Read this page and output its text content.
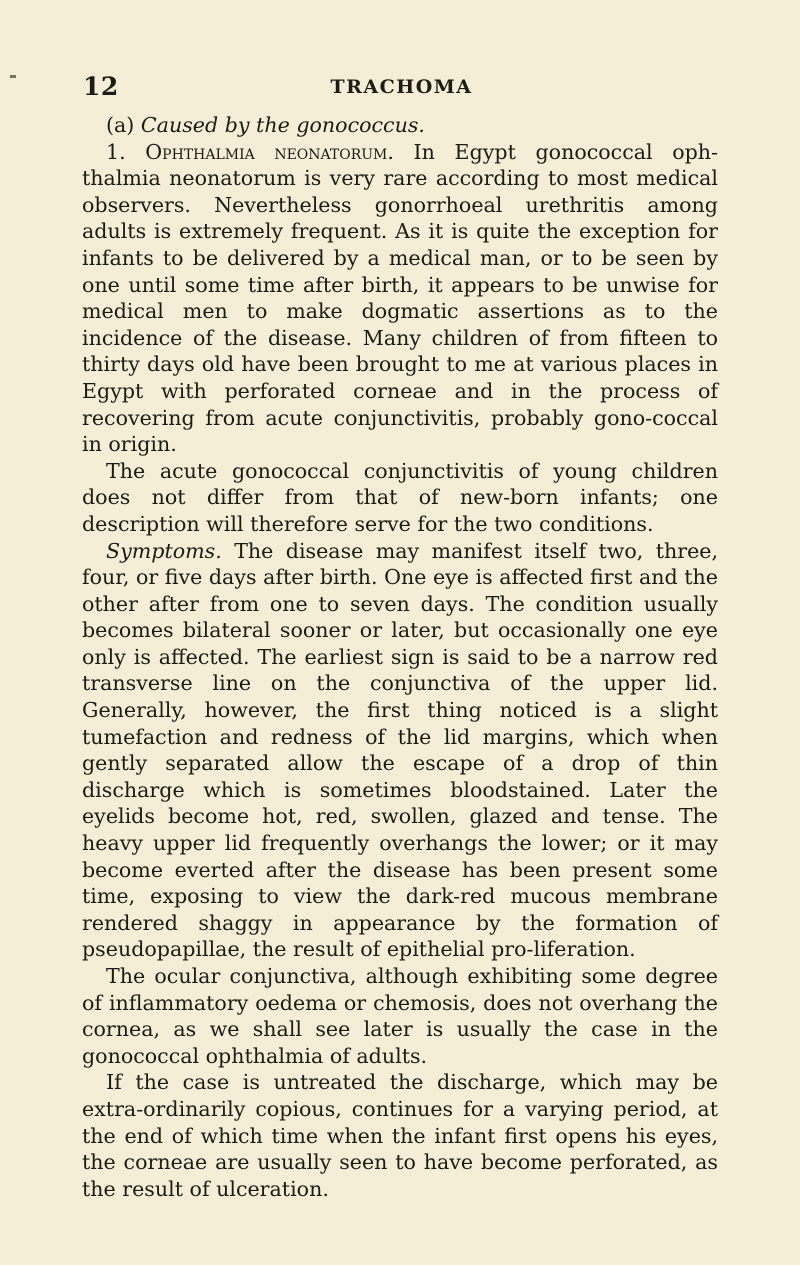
12	TRACHOMA

(a) Caused by the gonococcus.

1. Ophthalmia neonatorum. In Egypt gonococcal oph-thalmia neonatorum is very rare according to most medical observers. Nevertheless gonorrhoeal urethritis among adults is extremely frequent. As it is quite the exception for infants to be delivered by a medical man, or to be seen by one until some time after birth, it appears to be unwise for medical men to make dogmatic assertions as to the incidence of the disease. Many children of from fifteen to thirty days old have been brought to me at various places in Egypt with perforated corneae and in the process of recovering from acute conjunctivitis, probably gono-coccal in origin.

The acute gonococcal conjunctivitis of young children does not differ from that of new-born infants; one description will therefore serve for the two conditions.

Symptoms. The disease may manifest itself two, three, four, or five days after birth. One eye is affected first and the other after from one to seven days. The condition usually becomes bilateral sooner or later, but occasionally one eye only is affected. The earliest sign is said to be a narrow red transverse line on the conjunctiva of the upper lid. Generally, however, the first thing noticed is a slight tumefaction and redness of the lid margins, which when gently separated allow the escape of a drop of thin discharge which is sometimes bloodstained. Later the eyelids become hot, red, swollen, glazed and tense. The heavy upper lid frequently overhangs the lower; or it may become everted after the disease has been present some time, exposing to view the dark-red mucous membrane rendered shaggy in appearance by the formation of pseudopapillae, the result of epithelial pro-liferation.

The ocular conjunctiva, although exhibiting some degree of inflammatory oedema or chemosis, does not overhang the cornea, as we shall see later is usually the case in the gonococcal ophthalmia of adults.

If the case is untreated the discharge, which may be extra-ordinarily copious, continues for a varying period, at the end of which time when the infant first opens his eyes, the corneae are usually seen to have become perforated, as the result of ulceration.
